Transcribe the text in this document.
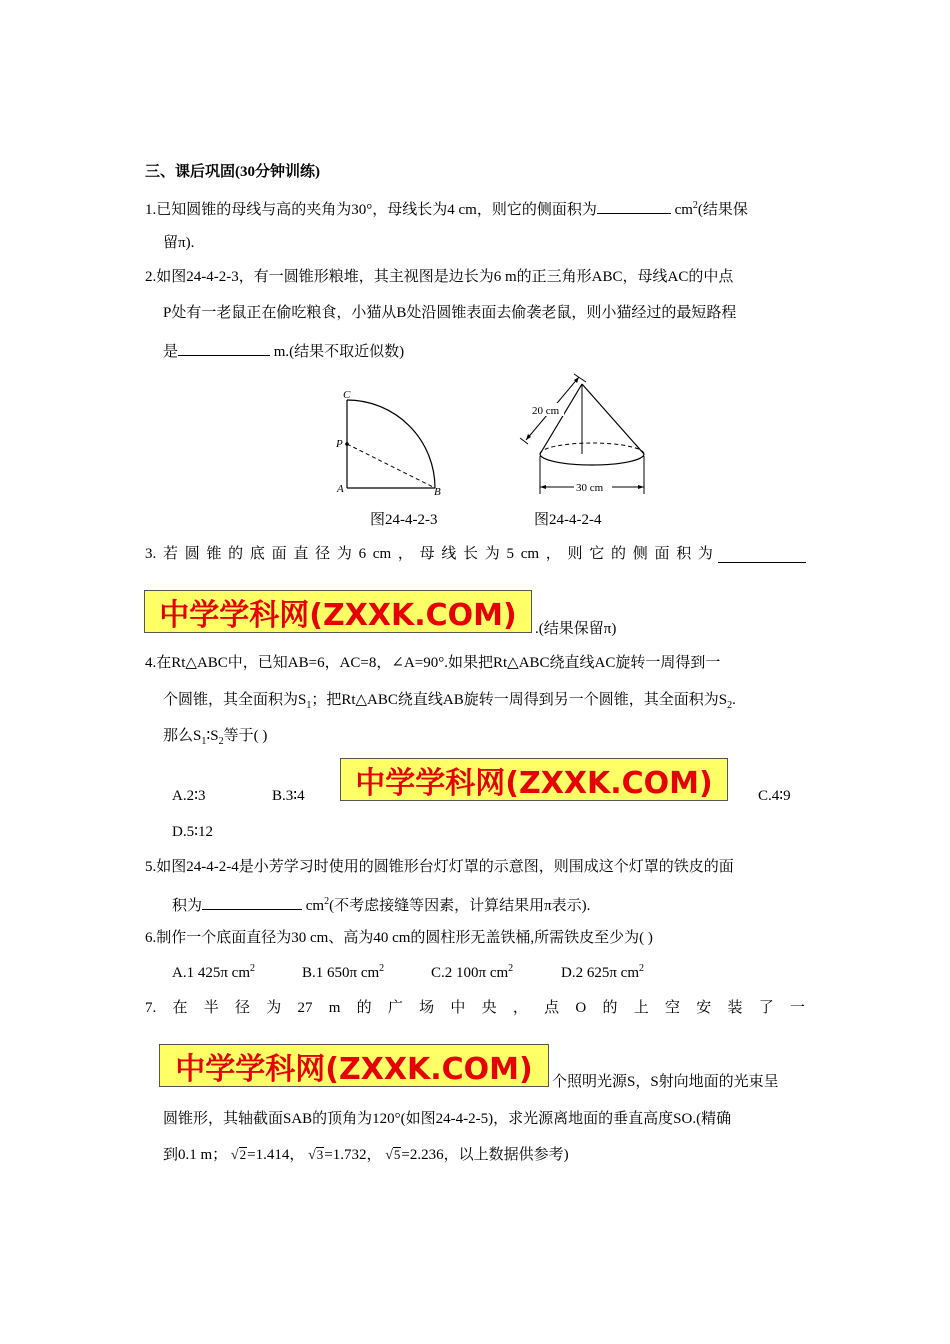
三、课后巩固(30分钟训练)
1.已知圆锥的母线与高的夹角为30°，母线长为4 cm，则它的侧面积为	$cm^2$(结果保
留π).
2.如图24-4-2-3，有一圆锥形粮堆，其主视图是边长为6 m的正三角形ABC，母线AC的中点
P处有一老鼠正在偷吃粮食，小猫从B处沿圆锥表面去偷袭老鼠，则小猫经过的最短路程
是	m.(结果不取近似数)
C
P
A	B
20 cm
30 cm
图24-4-2-3	图24-4-2-4
3. 若 圆 锥 的 底 面 直 径 为 6 cm ， 母 线 长 为 5 cm ， 则 它 的 侧 面 积 为
中学学科网(ZXXK.COM)	.(结果保留π)
4.在Rt△ABC中，已知AB=6，AC=8，∠A=90°.如果把Rt△ABC绕直线AC旋转一周得到一
个圆锥，其全面积为$S_1$；把Rt△ABC绕直线AB旋转一周得到另一个圆锥，其全面积为$S_2$.
那么$S_1∶S_2$等于( )
A.2∶3	B.3∶4	中学学科网(ZXXK.COM)	C.4∶9
D.5∶12
5.如图24-4-2-4是小芳学习时使用的圆锥形台灯灯罩的示意图，则围成这个灯罩的铁皮的面
积为	$cm^2$(不考虑接缝等因素，计算结果用π表示).
6.制作一个底面直径为30 cm、高为40 cm的圆柱形无盖铁桶,所需铁皮至少为( )
A.1 425π $cm^2$	B.1 650π $cm^2$	C.2 100π $cm^2$	D.2 625π $cm^2$
7. 在 半 径 为 27 m 的 广 场 中 央 ， 点 O 的 上 空 安 装 了 一
中学学科网(ZXXK.COM)	个照明光源S，S射向地面的光束呈
圆锥形，其轴截面SAB的顶角为120°(如图24-4-2-5)，求光源离地面的垂直高度SO.(精确
到0.1 m； √2=1.414， √3=1.732， √5=2.236，以上数据供参考)
